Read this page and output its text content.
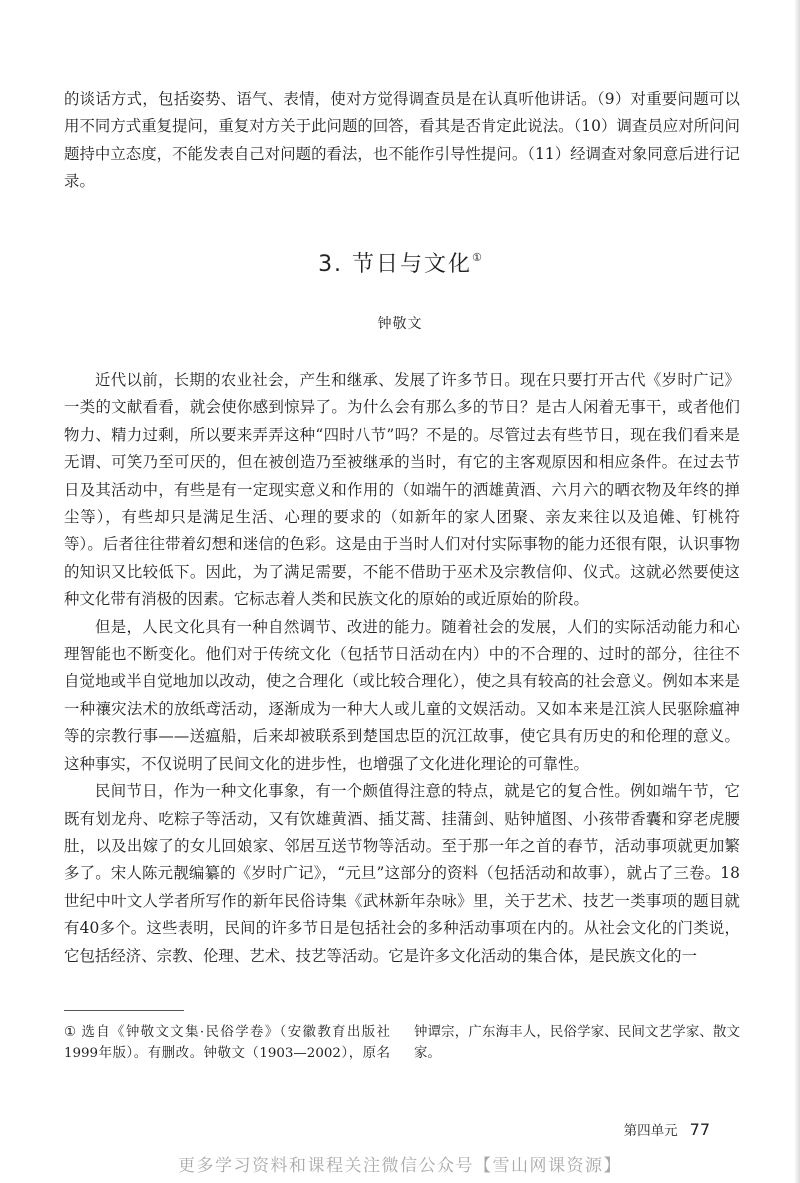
的谈话方式，包括姿势、语气、表情，使对方觉得调查员是在认真听他讲话。（9）对重要问题可以用不同方式重复提问，重复对方关于此问题的回答，看其是否肯定此说法。（10）调查员应对所问问题持中立态度，不能发表自己对问题的看法，也不能作引导性提问。（11）经调查对象同意后进行记录。

3. 节日与文化①
钟敬文

近代以前，长期的农业社会，产生和继承、发展了许多节日。现在只要打开古代《岁时广记》一类的文献看看，就会使你感到惊异了。为什么会有那么多的节日？是古人闲着无事干，或者他们物力、精力过剩，所以要来弄弄这种“四时八节”吗？不是的。尽管过去有些节日，现在我们看来是无谓、可笑乃至可厌的，但在被创造乃至被继承的当时，有它的主客观原因和相应条件。在过去节日及其活动中，有些是有一定现实意义和作用的（如端午的洒雄黄酒、六月六的晒衣物及年终的掸尘等），有些却只是满足生活、心理的要求的（如新年的家人团聚、亲友来往以及追傩、钉桃符等）。后者往往带着幻想和迷信的色彩。这是由于当时人们对付实际事物的能力还很有限，认识事物的知识又比较低下。因此，为了满足需要，不能不借助于巫术及宗教信仰、仪式。这就必然要使这种文化带有消极的因素。它标志着人类和民族文化的原始的或近原始的阶段。

但是，人民文化具有一种自然调节、改进的能力。随着社会的发展，人们的实际活动能力和心理智能也不断变化。他们对于传统文化（包括节日活动在内）中的不合理的、过时的部分，往往不自觉地或半自觉地加以改动，使之合理化（或比较合理化），使之具有较高的社会意义。例如本来是一种禳灾法术的放纸鸢活动，逐渐成为一种大人或儿童的文娱活动。又如本来是江滨人民驱除瘟神等的宗教行事——送瘟船，后来却被联系到楚国忠臣的沉江故事，使它具有历史的和伦理的意义。这种事实，不仅说明了民间文化的进步性，也增强了文化进化理论的可靠性。

民间节日，作为一种文化事象，有一个颇值得注意的特点，就是它的复合性。例如端午节，它既有划龙舟、吃粽子等活动，又有饮雄黄酒、插艾蒿、挂蒲剑、贴钟馗图、小孩带香囊和穿老虎腰肚，以及出嫁了的女儿回娘家、邻居互送节物等活动。至于那一年之首的春节，活动事项就更加繁多了。宋人陈元靓编纂的《岁时广记》，“元旦”这部分的资料（包括活动和故事），就占了三卷。18世纪中叶文人学者所写作的新年民俗诗集《武林新年杂咏》里，关于艺术、技艺一类事项的题目就有40多个。这些表明，民间的许多节日是包括社会的多种活动事项在内的。从社会文化的门类说，它包括经济、宗教、伦理、艺术、技艺等活动。它是许多文化活动的集合体，是民族文化的一

① 选自《钟敬文文集·民俗学卷》（安徽教育出版社1999年版）。有删改。钟敬文（1903—2002），原名钟谭宗，广东海丰人，民俗学家、民间文艺学家、散文家。
第四单元 77
更多学习资料和课程关注微信公众号【雪山网课资源】
